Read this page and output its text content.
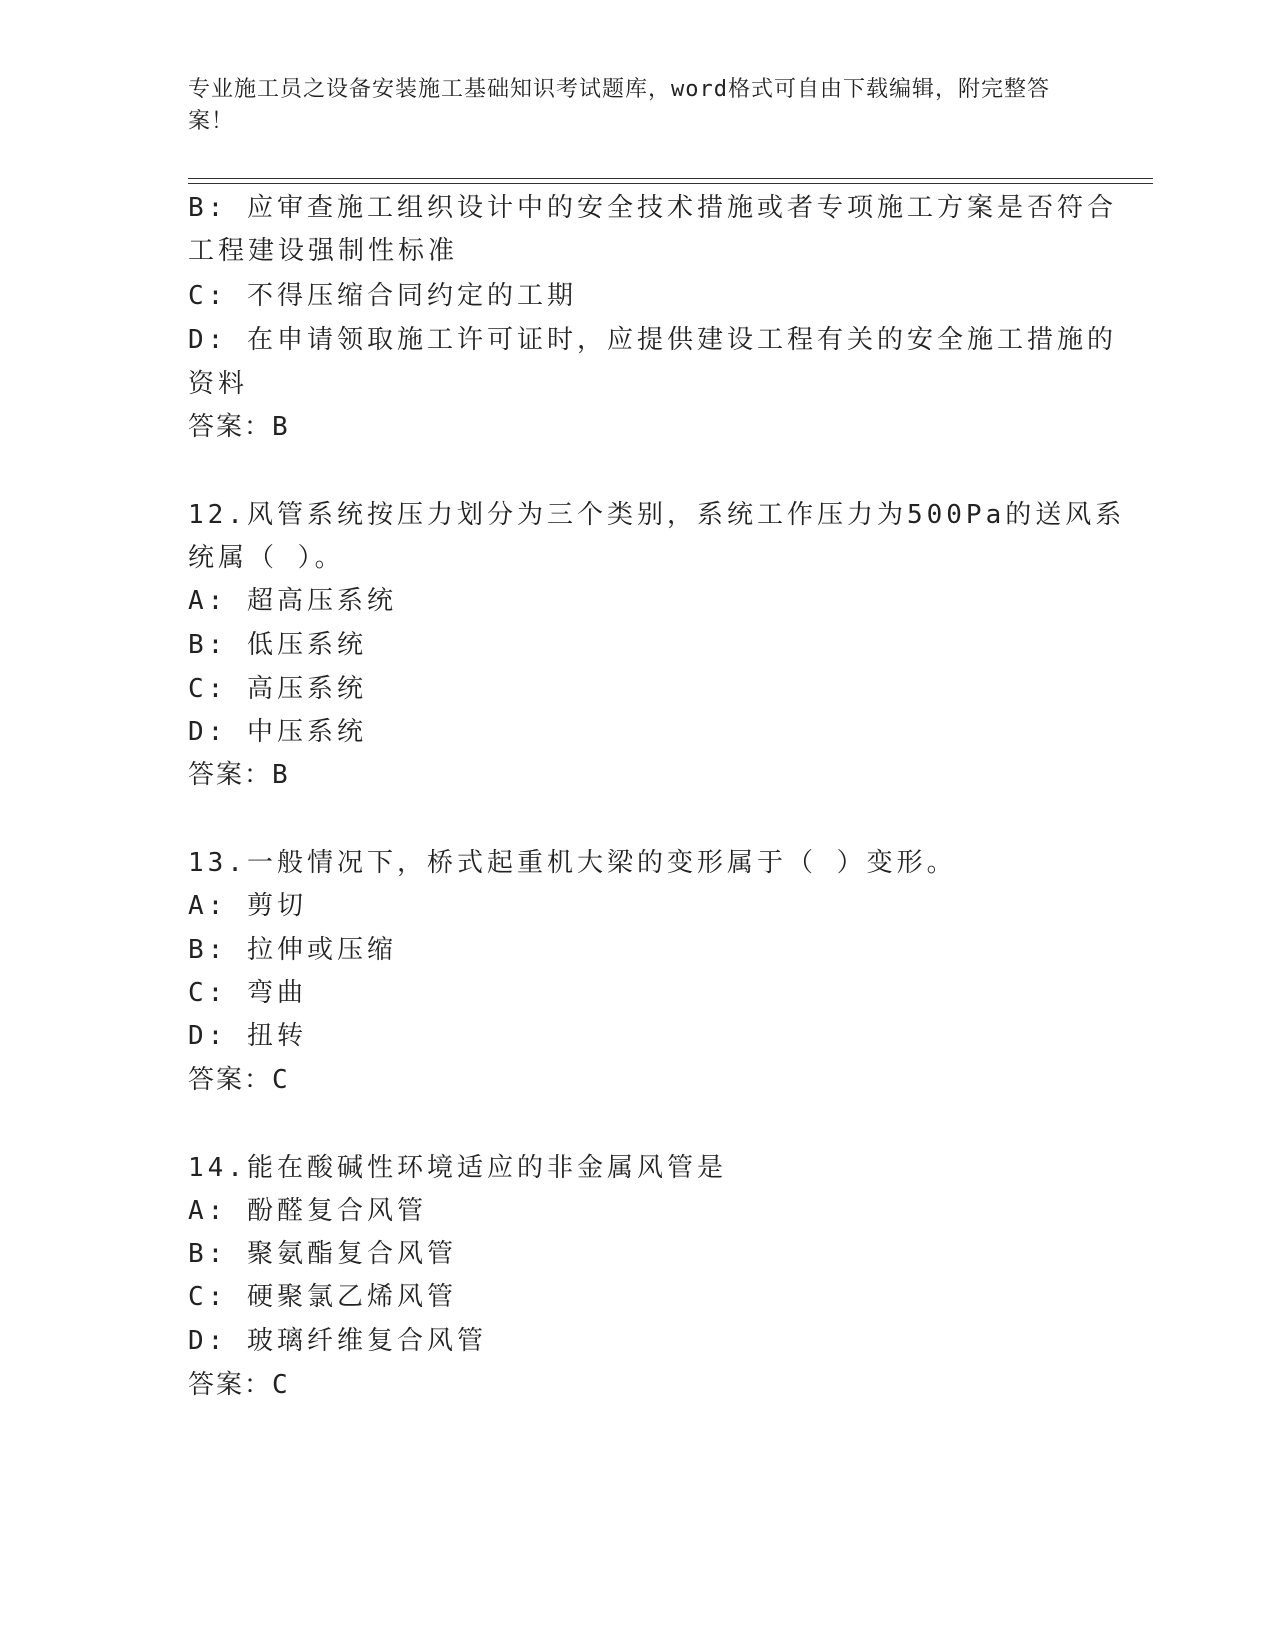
专业施工员之设备安装施工基础知识考试题库，word格式可自由下载编辑，附完整答案！
B: 应审查施工组织设计中的安全技术措施或者专项施工方案是否符合
工程建设强制性标准
C: 不得压缩合同约定的工期
D: 在申请领取施工许可证时，应提供建设工程有关的安全施工措施的
资料
答案：B
12.风管系统按压力划分为三个类别，系统工作压力为500Pa的送风系
统属（ ）。
A: 超高压系统
B: 低压系统
C: 高压系统
D: 中压系统
答案：B
13.一般情况下，桥式起重机大梁的变形属于（ ）变形。
A: 剪切
B: 拉伸或压缩
C: 弯曲
D: 扭转
答案：C
14.能在酸碱性环境适应的非金属风管是
A: 酚醛复合风管
B: 聚氨酯复合风管
C: 硬聚氯乙烯风管
D: 玻璃纤维复合风管
答案：C
